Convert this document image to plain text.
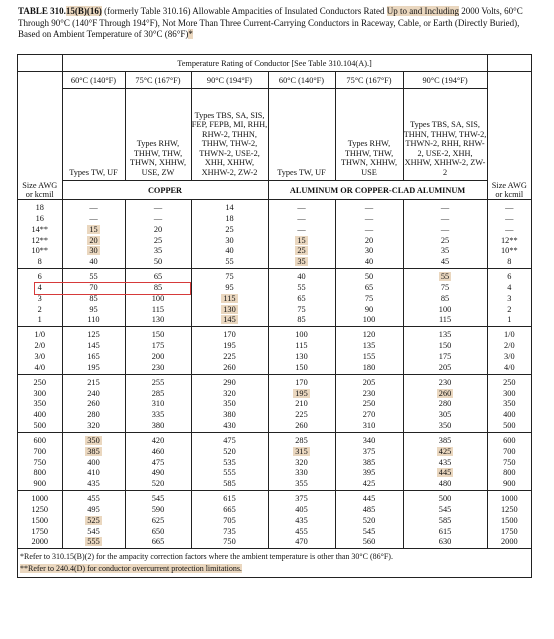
TABLE 310.15(B)(16) (formerly Table 310.16) Allowable Ampacities of Insulated Conductors Rated Up to and Including 2000 Volts, 60°C Through 90°C (140°F Through 194°F), Not More Than Three Current-Carrying Conductors in Raceway, Cable, or Earth (Directly Buried), Based on Ambient Temperature of 30°C (86°F)*
	Temperature Rating of Conductor [See Table 310.104(A).]						
	60°C (140°F)	75°C (167°F)	90°C (194°F)	60°C (140°F)	75°C (167°F)	90°C (194°F)	
	Types TW, UF	Types RHW, THHW, THW, THWN, XHHW, USE, ZW	Types TBS, SA, SIS, FEP, FEPB, MI, RHH, RHW-2, THHN, THHW, THW-2, THWN-2, USE-2, XHH, XHHW, XHHW-2, ZW-2	Types TW, UF	Types RHW, THHW, THW, THWN, XHHW, USE	Types TBS, SA, SIS, THHN, THHW, THW-2, THWN-2, RHH, RHW-2, USE-2, XHH, XHHW, XHHW-2, ZW-2	
Size AWG or kcmil	COPPER			ALUMINUM OR COPPER-CLAD ALUMINUM			Size AWG or kcmil
18	—	—	14	—	—	—	—
16	—	—	18	—	—	—	—
14**	15	20	25	—	—	—	—
12**	20	25	30	15	20	25	12**
10**	30	35	40	25	30	35	10**
8	40	50	55	35	40	45	8
6	55	65	75	40	50	55	6
4	70	85	95	55	65	75	4
3	85	100	115	65	75	85	3
2	95	115	130	75	90	100	2
1	110	130	145	85	100	115	1
1/0	125	150	170	100	120	135	1/0
2/0	145	175	195	115	135	150	2/0
3/0	165	200	225	130	155	175	3/0
4/0	195	230	260	150	180	205	4/0
250	215	255	290	170	205	230	250
300	240	285	320	195	230	260	300
350	260	310	350	210	250	280	350
400	280	335	380	225	270	305	400
500	320	380	430	260	310	350	500
600	350	420	475	285	340	385	600
700	385	460	520	315	375	425	700
750	400	475	535	320	385	435	750
800	410	490	555	330	395	445	800
900	435	520	585	355	425	480	900
1000	455	545	615	375	445	500	1000
1250	495	590	665	405	485	545	1250
1500	525	625	705	435	520	585	1500
1750	545	650	735	455	545	615	1750
2000	555	665	750	470	560	630	2000
*Refer to 310.15(B)(2) for the ampacity correction factors where the ambient temperature is other than 30°C (86°F).
**Refer to 240.4(D) for conductor overcurrent protection limitations.
